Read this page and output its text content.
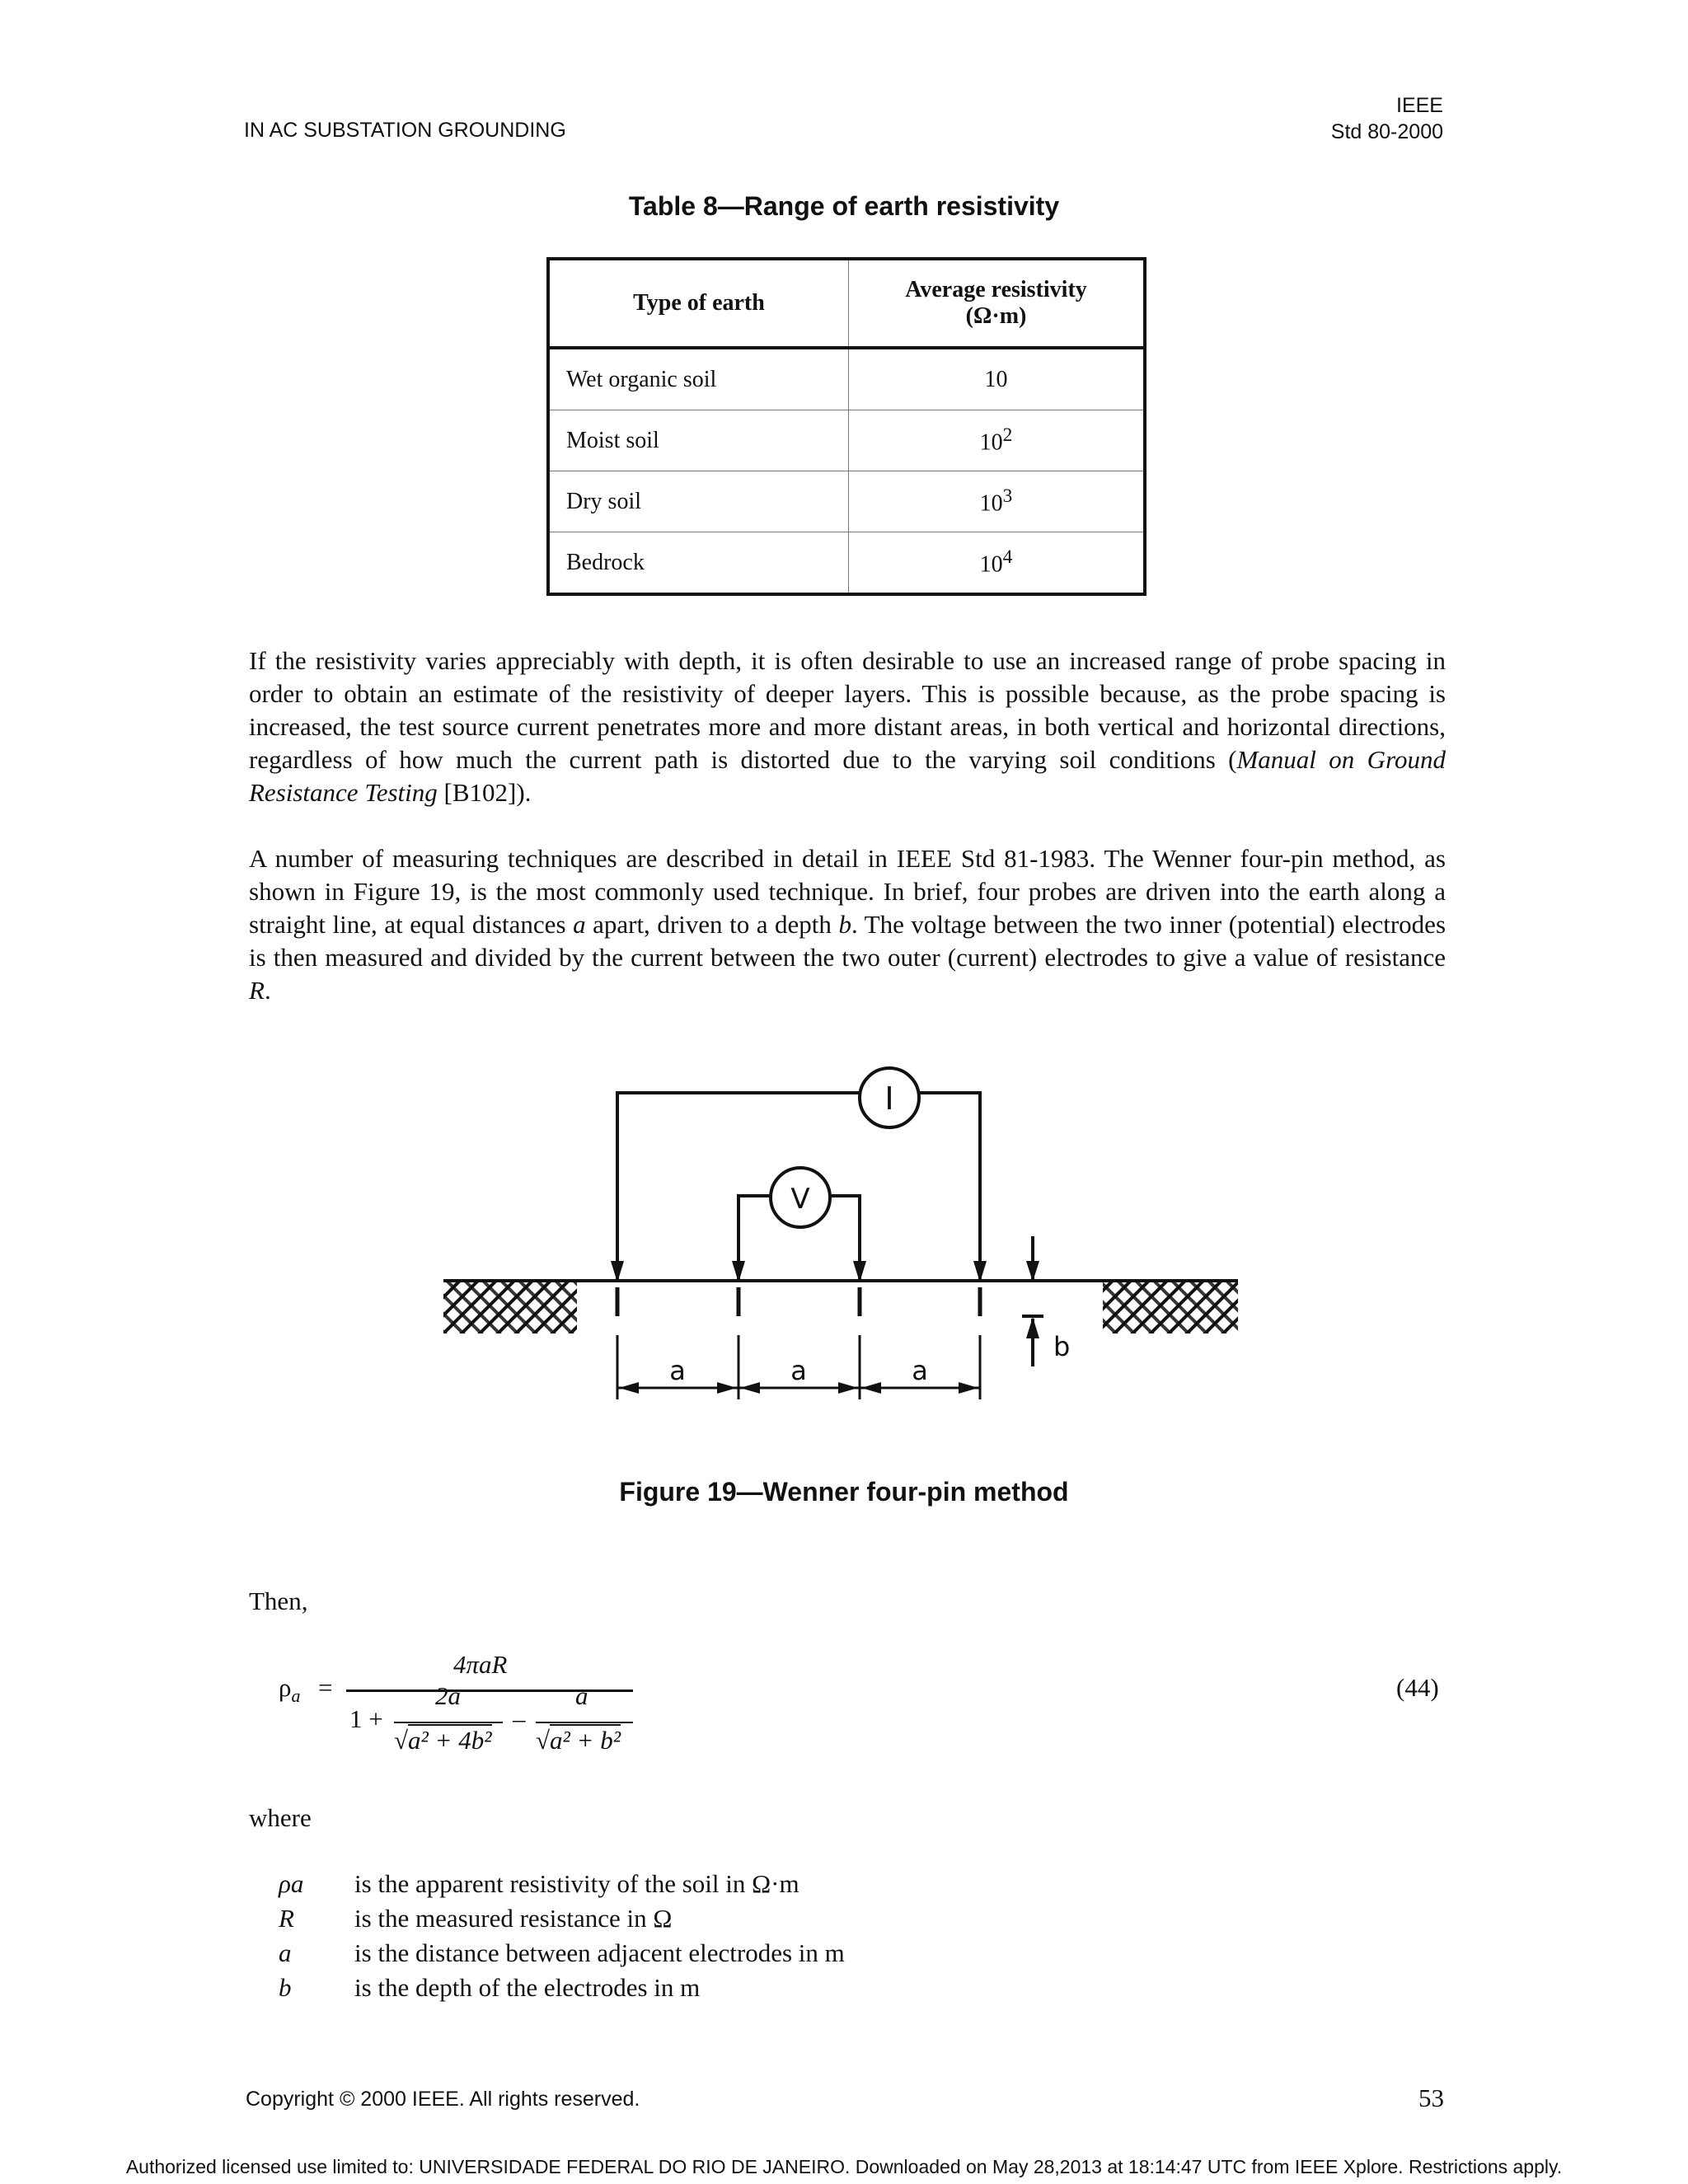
IN AC SUBSTATION GROUNDING
IEEE
Std 80-2000
Table 8—Range of earth resistivity
Type of earth	Average resistivity
(Ω·m)

Wet organic soil	10
Moist soil	$10^2$
Dry soil	$10^3$
Bedrock	$10^4$
If the resistivity varies appreciably with depth, it is often desirable to use an increased range of probe spacing in order to obtain an estimate of the resistivity of deeper layers. This is possible because, as the probe spacing is increased, the test source current penetrates more and more distant areas, in both vertical and horizontal directions, regardless of how much the current path is distorted due to the varying soil conditions (Manual on Ground Resistance Testing [B102]).
A number of measuring techniques are described in detail in IEEE Std 81-1983. The Wenner four-pin method, as shown in Figure 19, is the most commonly used technique. In brief, four probes are driven into the earth along a straight line, at equal distances a apart, driven to a depth b. The voltage between the two inner (potential) electrodes is then measured and divided by the current between the two outer (current) electrodes to give a value of resistance R.
I
V
a	a	a
b
Figure 19—Wenner four-pin method
Then,
$\rho_a$ =
4πaR
1 +
2a
√a² + 4b²
–
a
√a² + b²
(44)
where
ρa is the apparent resistivity of the soil in Ω·m
R is the measured resistance in Ω
a is the distance between adjacent electrodes in m
b is the depth of the electrodes in m
Copyright © 2000 IEEE. All rights reserved.	53
Authorized licensed use limited to: UNIVERSIDADE FEDERAL DO RIO DE JANEIRO. Downloaded on May 28,2013 at 18:14:47 UTC from IEEE Xplore. Restrictions apply.
